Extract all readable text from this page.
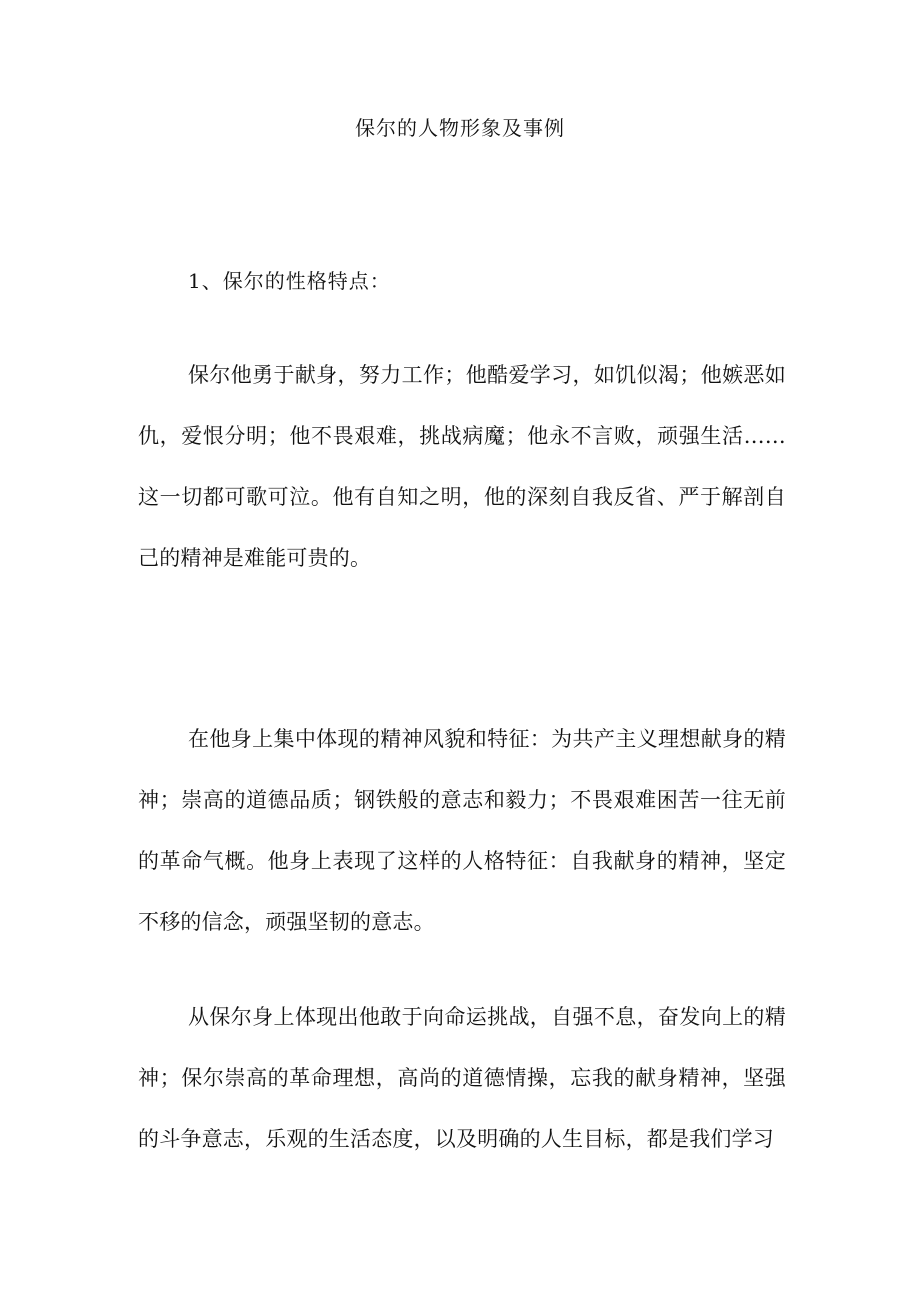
保尔的人物形象及事例
1、保尔的性格特点：

保尔他勇于献身，努力工作；他酷爱学习，如饥似渴；他嫉恶如仇，爱恨分明；他不畏艰难，挑战病魔；他永不言败，顽强生活……这一切都可歌可泣。他有自知之明，他的深刻自我反省、严于解剖自己的精神是难能可贵的。

在他身上集中体现的精神风貌和特征：为共产主义理想献身的精神；崇高的道德品质；钢铁般的意志和毅力；不畏艰难困苦一往无前的革命气概。他身上表现了这样的人格特征：自我献身的精神，坚定不移的信念，顽强坚韧的意志。

从保尔身上体现出他敢于向命运挑战，自强不息，奋发向上的精神；保尔崇高的革命理想，高尚的道德情操，忘我的献身精神，坚强的斗争意志，乐观的生活态度，以及明确的人生目标，都是我们学习
